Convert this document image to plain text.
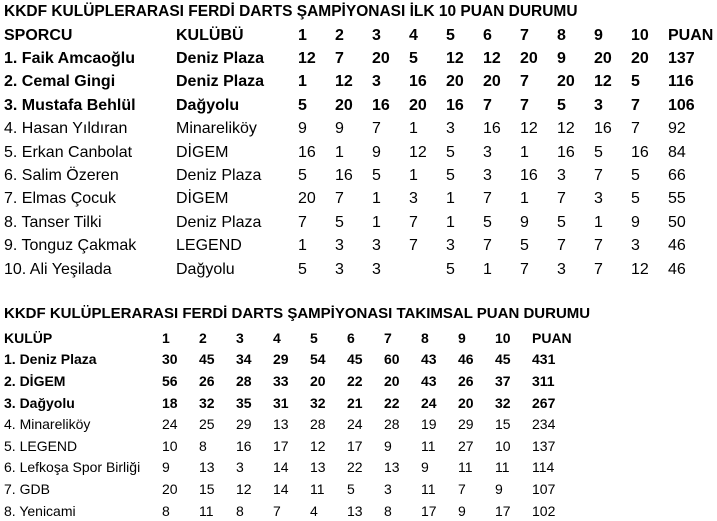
KKDF KULÜPLERARASI FERDİ DARTS ŞAMPİYONASI İLK 10 PUAN DURUMU
SPORCU	KULÜBÜ	1	2	3	4	5	6	7	8	9	10	PUAN
1. Faik Amcaoğlu	Deniz Plaza	12	7	20	5	12	12	20	9	20	20	137
2. Cemal Gingi	Deniz Plaza	1	12	3	16	20	20	7	20	12	5	116
3. Mustafa Behlül	Dağyolu	5	20	16	20	16	7	7	5	3	7	106
4. Hasan Yıldıran	Minareliköy	9	9	7	1	3	16	12	12	16	7	92
5. Erkan Canbolat	DİGEM	16	1	9	12	5	3	1	16	5	16	84
6. Salim Özeren	Deniz Plaza	5	16	5	1	5	3	16	3	7	5	66
7. Elmas Çocuk	DİGEM	20	7	1	3	1	7	1	7	3	5	55
8. Tanser Tilki	Deniz Plaza	7	5	1	7	1	5	9	5	1	9	50
9. Tonguz Çakmak	LEGEND	1	3	3	7	3	7	5	7	7	3	46
10. Ali Yeşilada	Dağyolu	5	3	3		5	1	7	3	7	12	46
KKDF KULÜPLERARASI FERDİ DARTS ŞAMPİYONASI TAKIMSAL PUAN DURUMU
KULÜP	1	2	3	4	5	6	7	8	9	10	PUAN
1. Deniz Plaza	30	45	34	29	54	45	60	43	46	45	431
2. DİGEM	56	26	28	33	20	22	20	43	26	37	311
3. Dağyolu	18	32	35	31	32	21	22	24	20	32	267
4. Minareliköy	24	25	29	13	28	24	28	19	29	15	234
5. LEGEND	10	8	16	17	12	17	9	11	27	10	137
6. Lefkoşa Spor Birliği	9	13	3	14	13	22	13	9	11	11	114
7. GDB	20	15	12	14	11	5	3	11	7	9	107
8. Yenicami	8	11	8	7	4	13	8	17	9	17	102
